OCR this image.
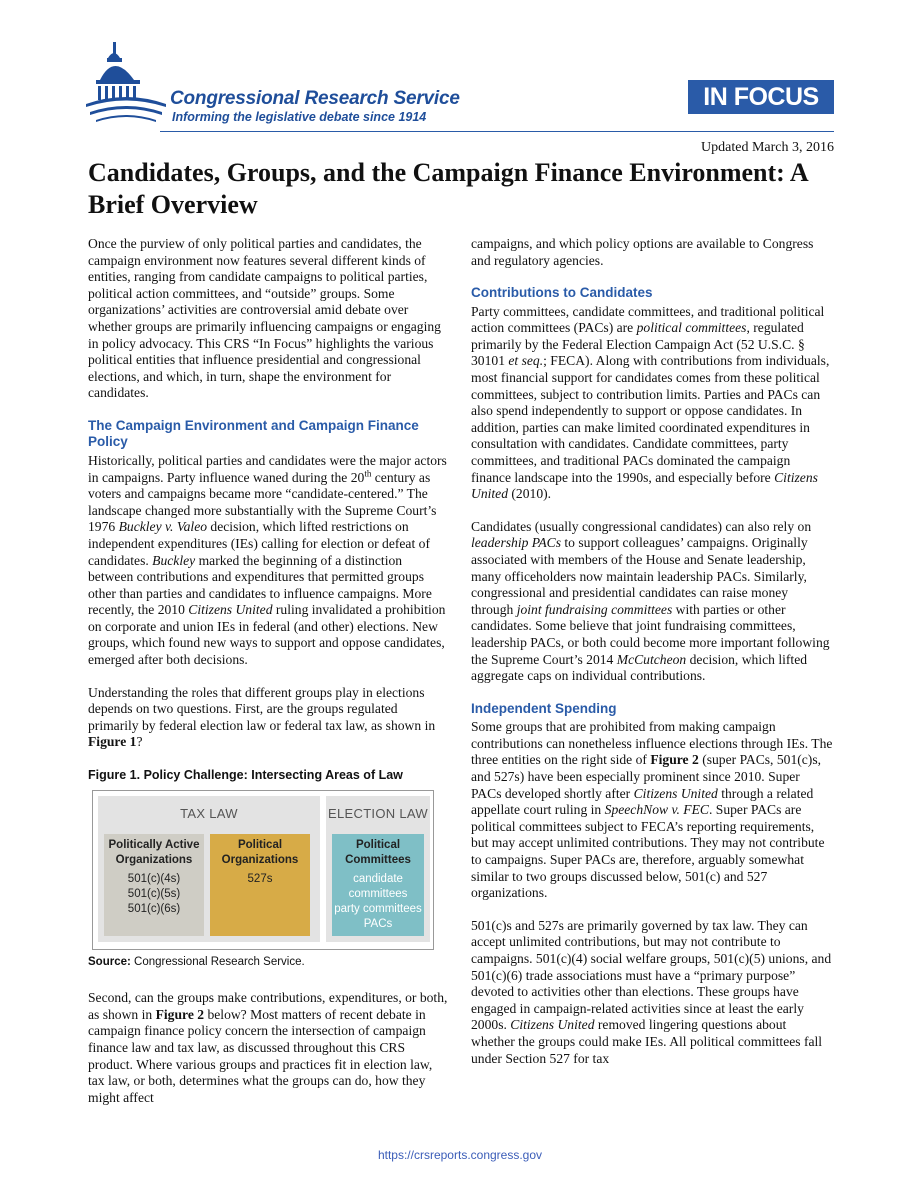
Congressional Research Service
Informing the legislative debate since 1914
IN FOCUS
Updated March 3, 2016
Candidates, Groups, and the Campaign Finance Environment: A Brief Overview

Once the purview of only political parties and candidates, the campaign environment now features several different kinds of entities, ranging from candidate campaigns to political parties, political action committees, and “outside” groups. Some organizations’ activities are controversial amid debate over whether groups are primarily influencing campaigns or engaging in policy advocacy. This CRS “In Focus” highlights the various political entities that influence presidential and congressional elections, and which, in turn, shape the environment for candidates.

The Campaign Environment and Campaign Finance Policy

Historically, political parties and candidates were the major actors in campaigns. Party influence waned during the 20th century as voters and campaigns became more “candidate-centered.” The landscape changed more substantially with the Supreme Court’s 1976 Buckley v. Valeo decision, which lifted restrictions on independent expenditures (IEs) calling for election or defeat of candidates. Buckley marked the beginning of a distinction between contributions and expenditures that permitted groups other than parties and candidates to influence campaigns. More recently, the 2010 Citizens United ruling invalidated a prohibition on corporate and union IEs in federal (and other) elections. New groups, which found new ways to support and oppose candidates, emerged after both decisions.

Understanding the roles that different groups play in elections depends on two questions. First, are the groups regulated primarily by federal election law or federal tax law, as shown in Figure 1?

Figure 1. Policy Challenge: Intersecting Areas of Law
TAX LAW
Politically Active Organizations
501(c)(4s)
501(c)(5s)
501(c)(6s)
Political Organizations
527s
ELECTION LAW
Political Committees
candidate committees
party committees
PACs
Source: Congressional Research Service.

Second, can the groups make contributions, expenditures, or both, as shown in Figure 2 below? Most matters of recent debate in campaign finance policy concern the intersection of campaign finance law and tax law, as discussed throughout this CRS product. Where various groups and practices fit in election law, tax law, or both, determines what the groups can do, how they might affect

campaigns, and which policy options are available to Congress and regulatory agencies.

Contributions to Candidates

Party committees, candidate committees, and traditional political action committees (PACs) are political committees, regulated primarily by the Federal Election Campaign Act (52 U.S.C. § 30101 et seq.; FECA). Along with contributions from individuals, most financial support for candidates comes from these political committees, subject to contribution limits. Parties and PACs can also spend independently to support or oppose candidates. In addition, parties can make limited coordinated expenditures in consultation with candidates. Candidate committees, party committees, and traditional PACs dominated the campaign finance landscape into the 1990s, and especially before Citizens United (2010).

Candidates (usually congressional candidates) can also rely on leadership PACs to support colleagues’ campaigns. Originally associated with members of the House and Senate leadership, many officeholders now maintain leadership PACs. Similarly, congressional and presidential candidates can raise money through joint fundraising committees with parties or other candidates. Some believe that joint fundraising committees, leadership PACs, or both could become more important following the Supreme Court’s 2014 McCutcheon decision, which lifted aggregate caps on individual contributions.

Independent Spending

Some groups that are prohibited from making campaign contributions can nonetheless influence elections through IEs. The three entities on the right side of Figure 2 (super PACs, 501(c)s, and 527s) have been especially prominent since 2010. Super PACs developed shortly after Citizens United through a related appellate court ruling in SpeechNow v. FEC. Super PACs are political committees subject to FECA’s reporting requirements, but may accept unlimited contributions. They may not contribute to campaigns. Super PACs are, therefore, arguably somewhat similar to two groups discussed below, 501(c) and 527 organizations.

501(c)s and 527s are primarily governed by tax law. They can accept unlimited contributions, but may not contribute to campaigns. 501(c)(4) social welfare groups, 501(c)(5) unions, and 501(c)(6) trade associations must have a “primary purpose” devoted to activities other than elections. These groups have engaged in campaign-related activities since at least the early 2000s. Citizens United removed lingering questions about whether the groups could make IEs. All political committees fall under Section 527 for tax

https://crsreports.congress.gov
